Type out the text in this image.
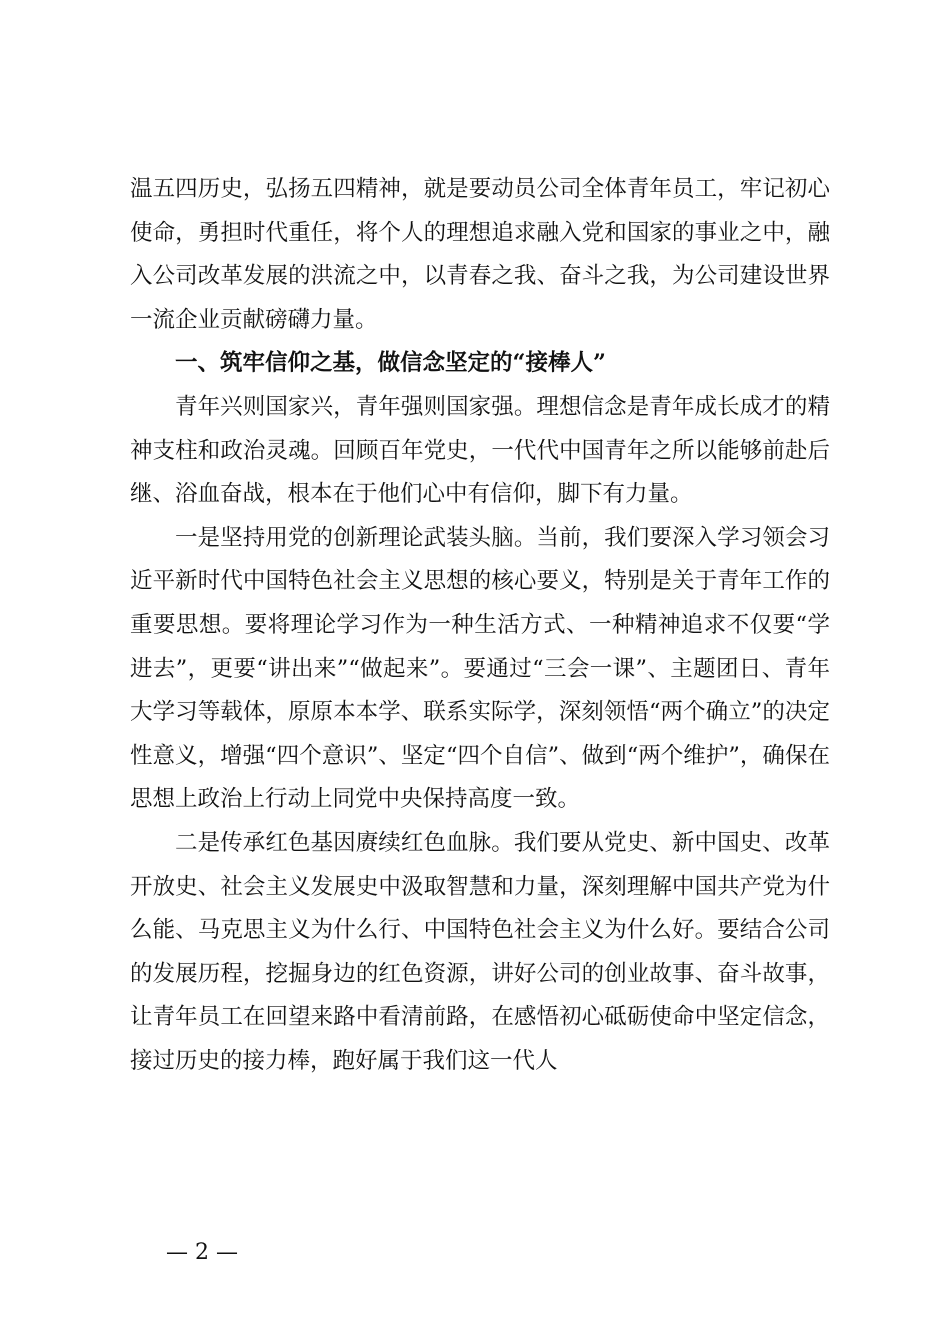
温五四历史，弘扬五四精神，就是要动员公司全体青年员工，牢记初心使命，勇担时代重任，将个人的理想追求融入党和国家的事业之中，融入公司改革发展的洪流之中，以青春之我、奋斗之我，为公司建设世界一流企业贡献磅礴力量。

一、筑牢信仰之基，做信念坚定的“接棒人”

青年兴则国家兴，青年强则国家强。理想信念是青年成长成才的精神支柱和政治灵魂。回顾百年党史，一代代中国青年之所以能够前赴后继、浴血奋战，根本在于他们心中有信仰，脚下有力量。

一是坚持用党的创新理论武装头脑。当前，我们要深入学习领会习近平新时代中国特色社会主义思想的核心要义，特别是关于青年工作的重要思想。要将理论学习作为一种生活方式、一种精神追求不仅要“学进去”，更要“讲出来”“做起来”。要通过“三会一课”、主题团日、青年大学习等载体，原原本本学、联系实际学，深刻领悟“两个确立”的决定性意义，增强“四个意识”、坚定“四个自信”、做到“两个维护”，确保在思想上政治上行动上同党中央保持高度一致。

二是传承红色基因赓续红色血脉。我们要从党史、新中国史、改革开放史、社会主义发展史中汲取智慧和力量，深刻理解中国共产党为什么能、马克思主义为什么行、中国特色社会主义为什么好。要结合公司的发展历程，挖掘身边的红色资源，讲好公司的创业故事、奋斗故事，让青年员工在回望来路中看清前路，在感悟初心砥砺使命中坚定信念，接过历史的接力棒，跑好属于我们这一代人

— 2 —
